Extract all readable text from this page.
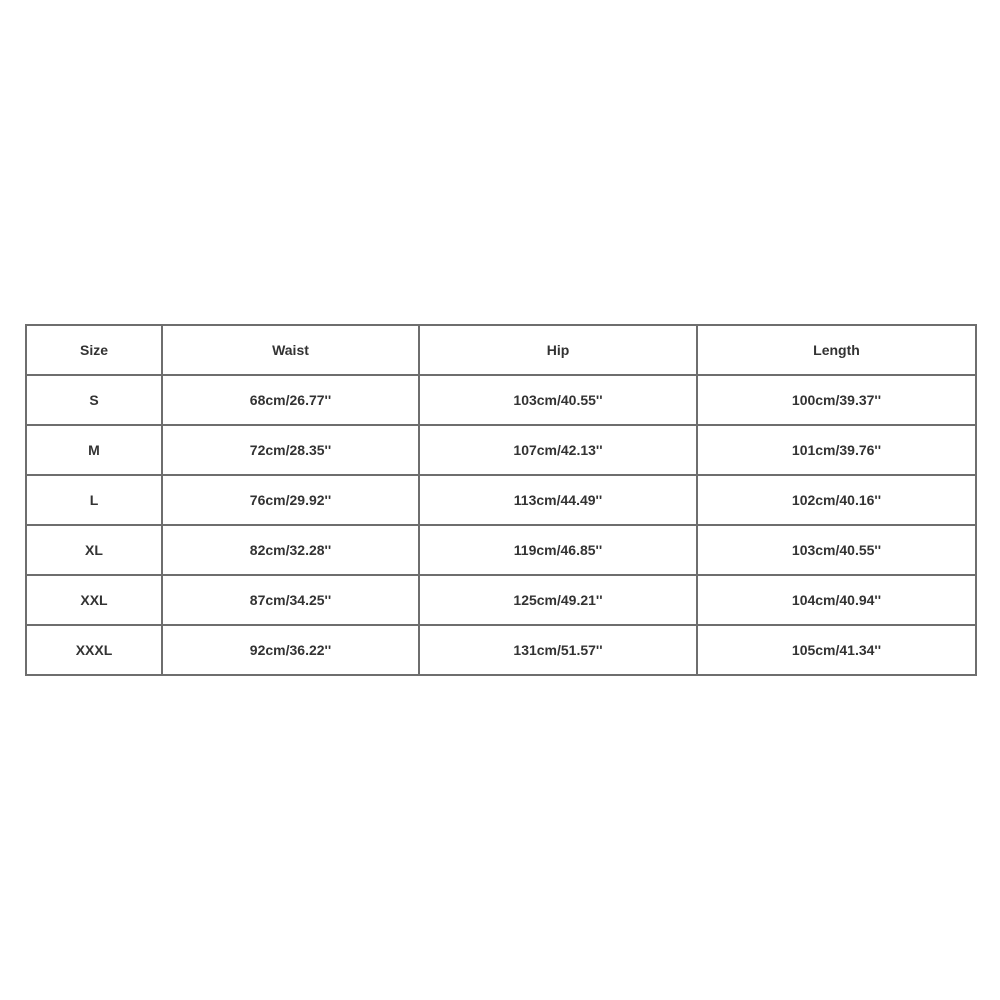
Size	Waist	Hip	Length
S	68cm/26.77''	103cm/40.55''	100cm/39.37''
M	72cm/28.35''	107cm/42.13''	101cm/39.76''
L	76cm/29.92''	113cm/44.49''	102cm/40.16''
XL	82cm/32.28''	119cm/46.85''	103cm/40.55''
XXL	87cm/34.25''	125cm/49.21''	104cm/40.94''
XXXL	92cm/36.22''	131cm/51.57''	105cm/41.34''
